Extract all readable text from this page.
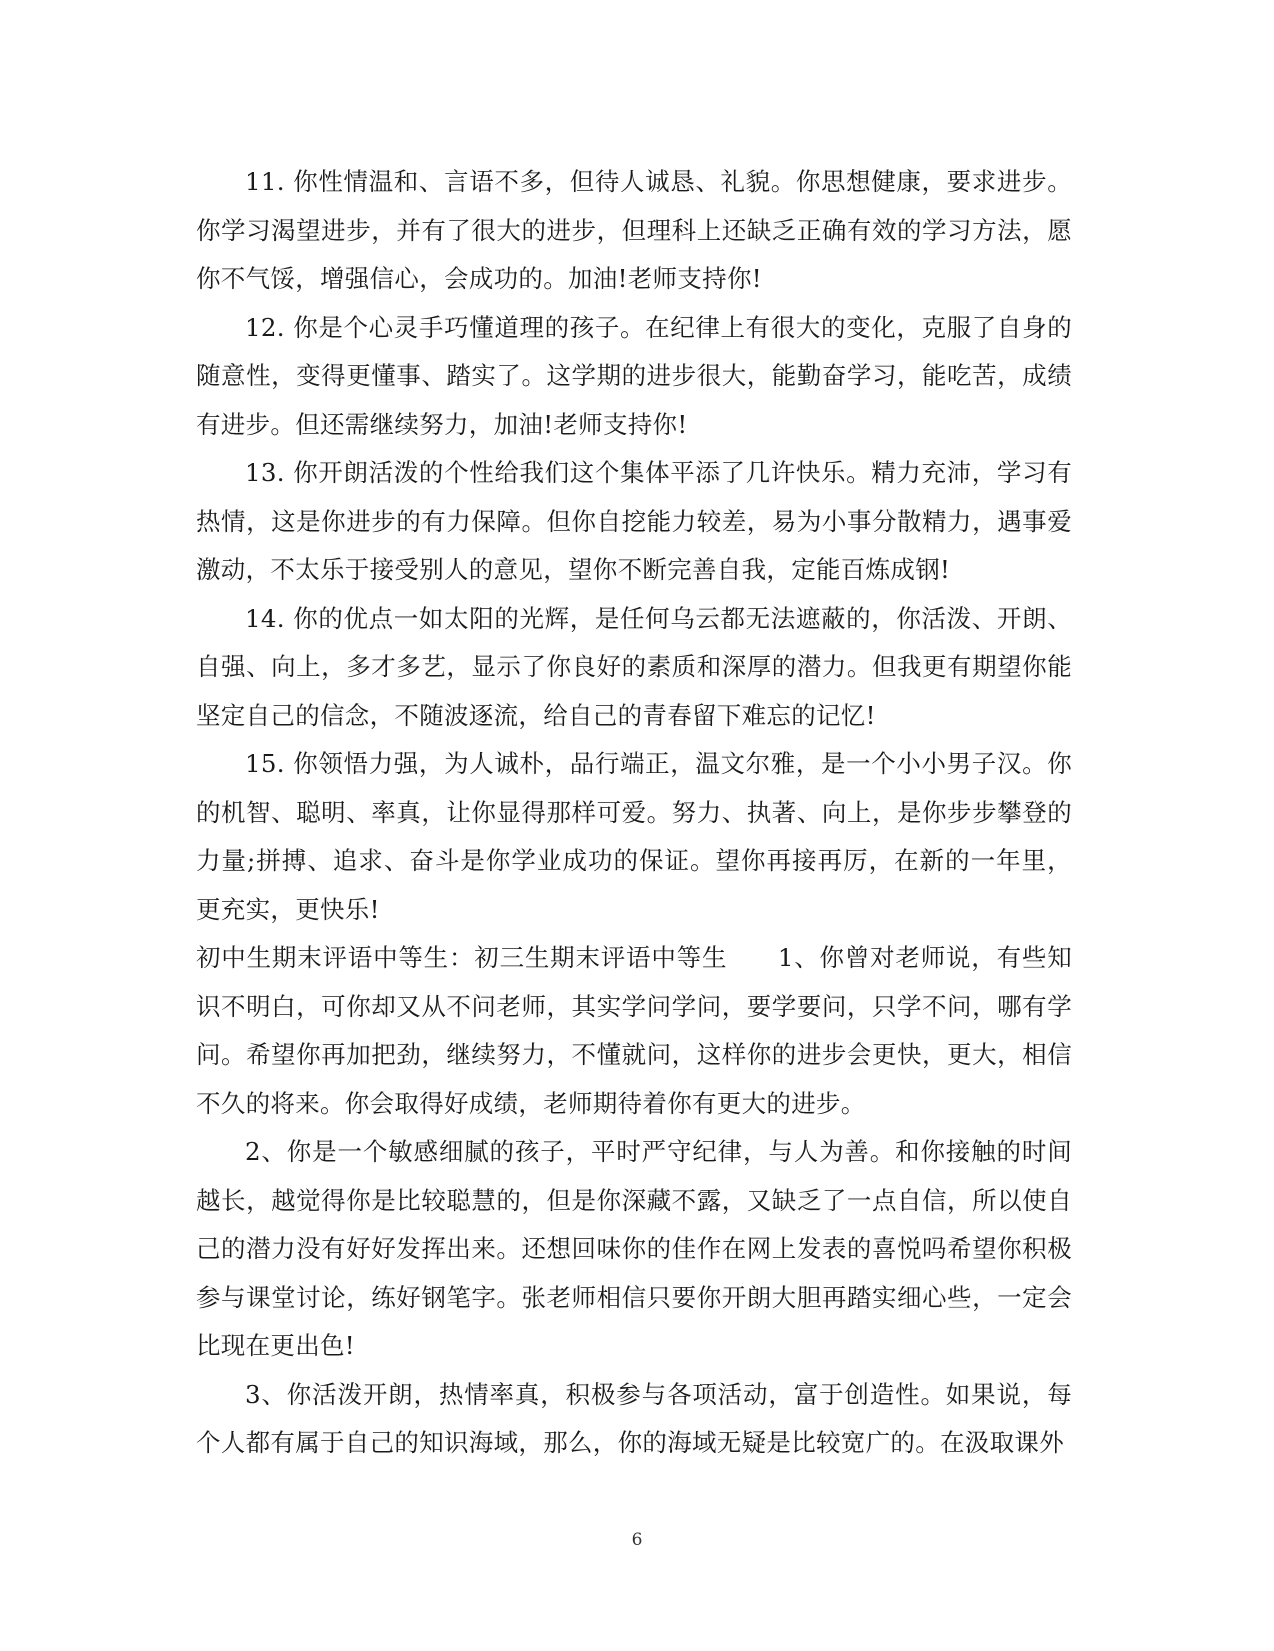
11. 你性情温和、言语不多，但待人诚恳、礼貌。你思想健康，要求进步。你学习渴望进步，并有了很大的进步，但理科上还缺乏正确有效的学习方法，愿你不气馁，增强信心，会成功的。加油!老师支持你!

12. 你是个心灵手巧懂道理的孩子。在纪律上有很大的变化，克服了自身的随意性，变得更懂事、踏实了。这学期的进步很大，能勤奋学习，能吃苦，成绩有进步。但还需继续努力，加油!老师支持你!

13. 你开朗活泼的个性给我们这个集体平添了几许快乐。精力充沛，学习有热情，这是你进步的有力保障。但你自挖能力较差，易为小事分散精力，遇事爱激动，不太乐于接受别人的意见，望你不断完善自我，定能百炼成钢!

14. 你的优点一如太阳的光辉，是任何乌云都无法遮蔽的，你活泼、开朗、自强、向上，多才多艺，显示了你良好的素质和深厚的潜力。但我更有期望你能坚定自己的信念，不随波逐流，给自己的青春留下难忘的记忆!

15. 你领悟力强，为人诚朴，品行端正，温文尔雅，是一个小小男子汉。你的机智、聪明、率真，让你显得那样可爱。努力、执著、向上，是你步步攀登的力量;拼搏、追求、奋斗是你学业成功的保证。望你再接再厉，在新的一年里，更充实，更快乐!

初中生期末评语中等生：初三生期末评语中等生　　1、你曾对老师说，有些知识不明白，可你却又从不问老师，其实学问学问，要学要问，只学不问，哪有学问。希望你再加把劲，继续努力，不懂就问，这样你的进步会更快，更大，相信不久的将来。你会取得好成绩，老师期待着你有更大的进步。

2、你是一个敏感细腻的孩子，平时严守纪律，与人为善。和你接触的时间越长，越觉得你是比较聪慧的，但是你深藏不露，又缺乏了一点自信，所以使自己的潜力没有好好发挥出来。还想回味你的佳作在网上发表的喜悦吗希望你积极参与课堂讨论，练好钢笔字。张老师相信只要你开朗大胆再踏实细心些，一定会比现在更出色!

3、你活泼开朗，热情率真，积极参与各项活动，富于创造性。如果说，每个人都有属于自己的知识海域，那么，你的海域无疑是比较宽广的。在汲取课外

6
